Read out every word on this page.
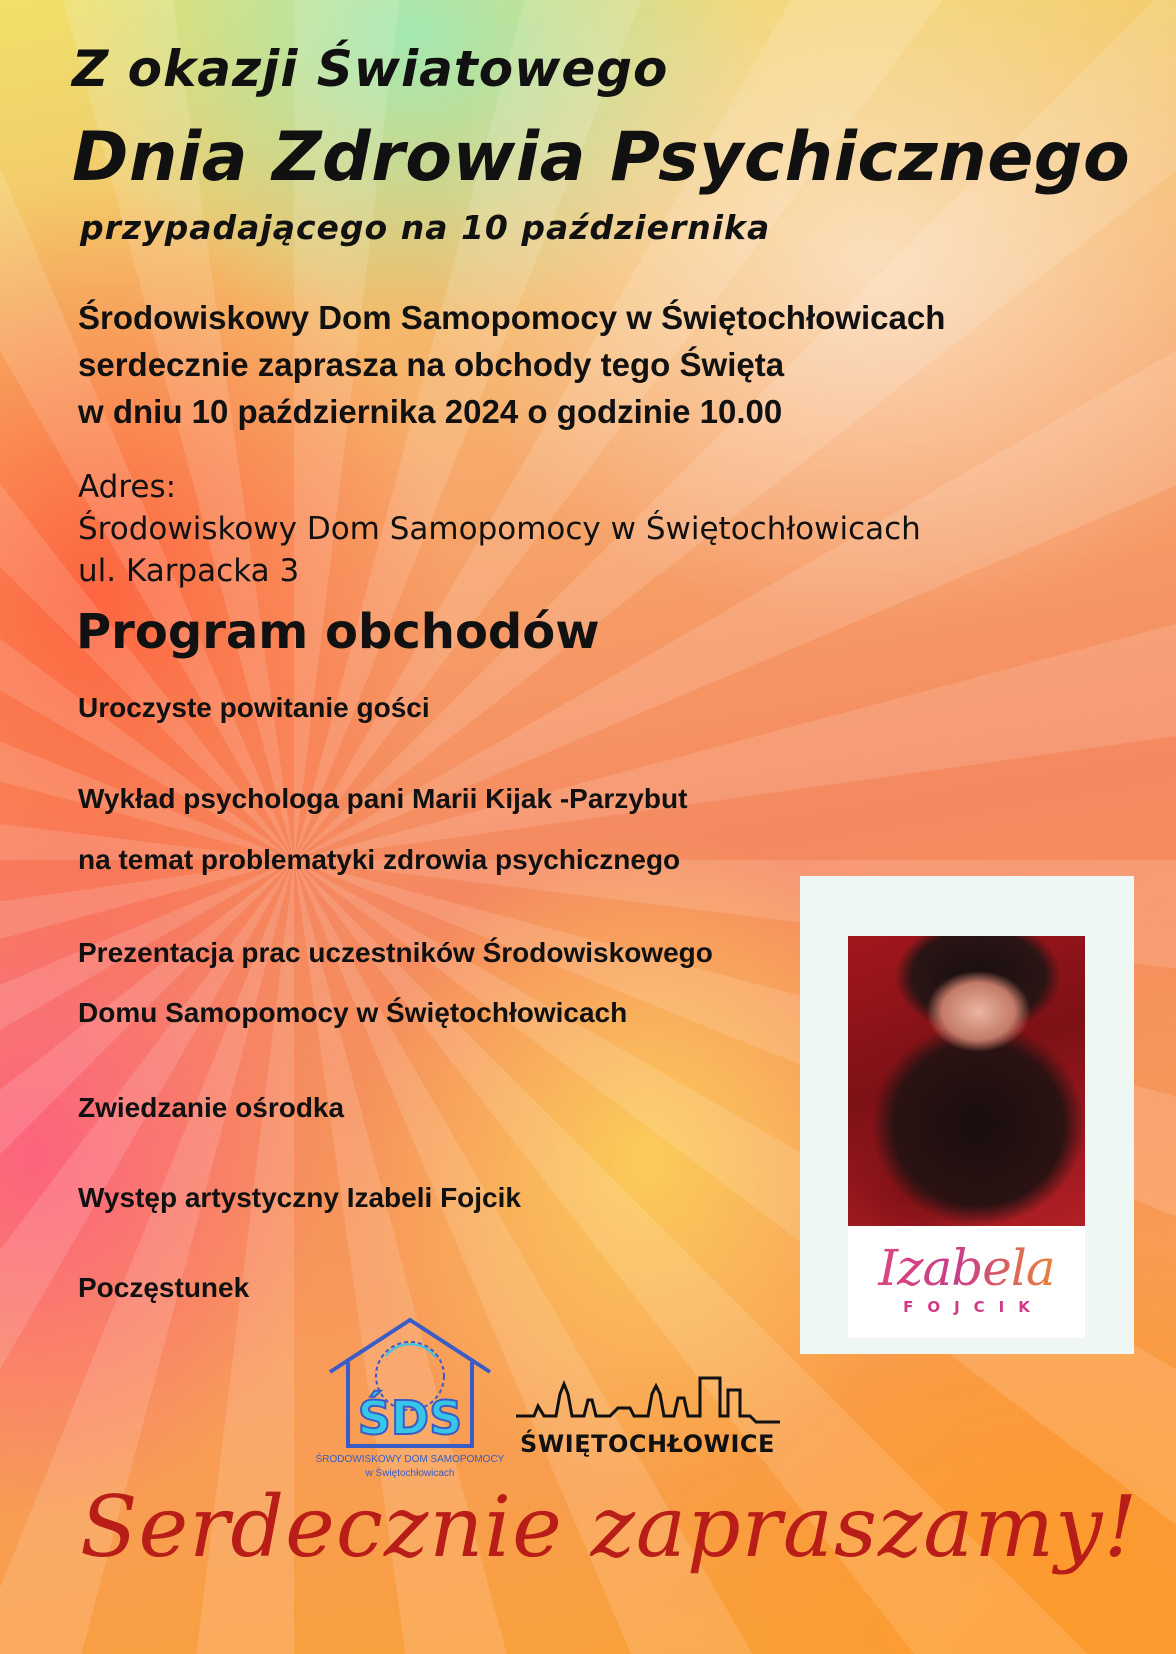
Z okazji Światowego
Dnia Zdrowia Psychicznego
przypadającego na 10 października
Środowiskowy Dom Samopomocy w Świętochłowicach
serdecznie zaprasza na obchody tego Święta
w dniu 10 października 2024 o godzinie 10.00
Adres:
Środowiskowy Dom Samopomocy w Świętochłowicach
ul. Karpacka 3
Program obchodów
Uroczyste powitanie gości
Wykład psychologa pani Marii Kijak -Parzybut
na temat problematyki zdrowia psychicznego
Prezentacja prac uczestników Środowiskowego
Domu Samopomocy w Świętochłowicach
Zwiedzanie ośrodka
Występ artystyczny Izabeli Fojcik
Poczęstunek	Izabela
FOJCIK
ŚDS
ŚRODOWISKOWY DOM SAMOPOMOCY
w Świętochłowicach
ŚWIĘTOCHŁOWICE
Serdecznie zapraszamy!
